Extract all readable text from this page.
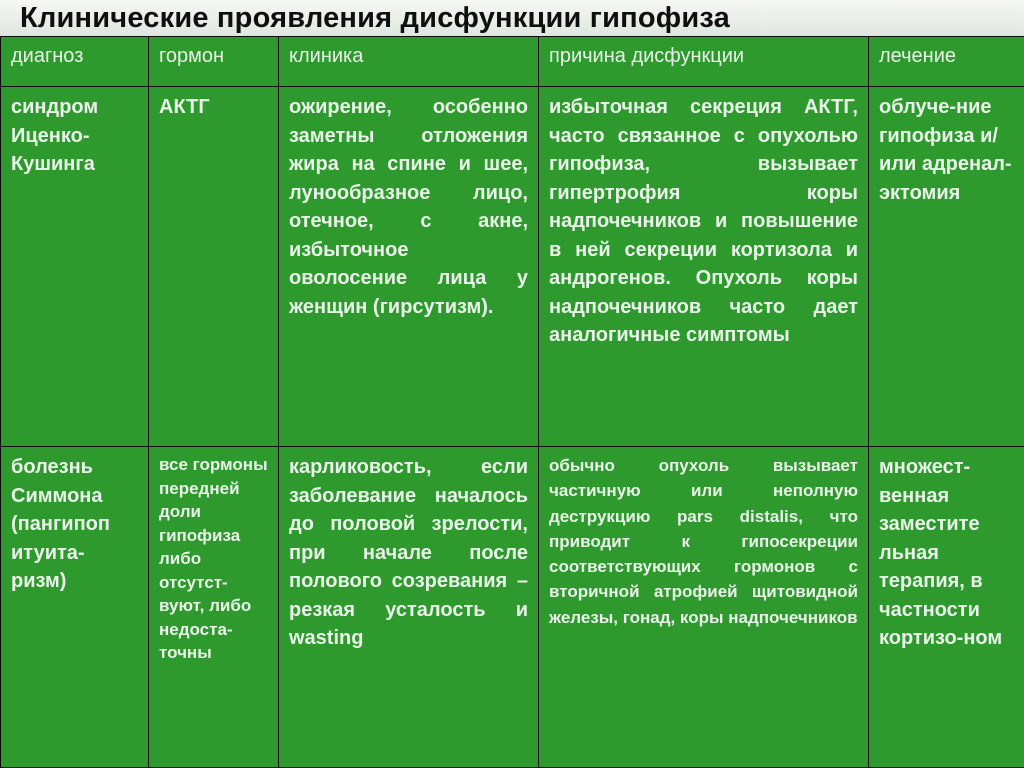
Клинические проявления дисфункции гипофиза
диагноз	гормон	клиника	причина дисфункции	лечение
синдром Иценко-Кушинга	АКТГ	ожирение, особенно заметны отложения жира на спине и шее, лунообразное лицо, отечное, с акне, избыточное оволосение лица у женщин (гирсутизм).	избыточная секреция АКТГ, часто связанное с опухолью гипофиза, вызывает гипертрофия коры надпочечников и повышение в ней секреции кортизола и андрогенов. Опухоль коры надпочечников часто дает аналогичные симптомы	облуче-ние гипофиза и/или адренал-эктомия
болезнь Симмона (пангипоп итуита-ризм)	все гормоны передней доли гипофиза либо отсутст-вуют, либо недоста-точны	карликовость, если заболевание началось до половой зрелости, при начале после полового созревания – резкая усталость и wasting	обычно опухоль вызывает частичную или неполную деструкцию pars distalis, что приводит к гипосекреции соответствующих гормонов с вторичной атрофией щитовидной железы, гонад, коры надпочечников	множест-венная заместите льная терапия, в частности кортизо-ном
